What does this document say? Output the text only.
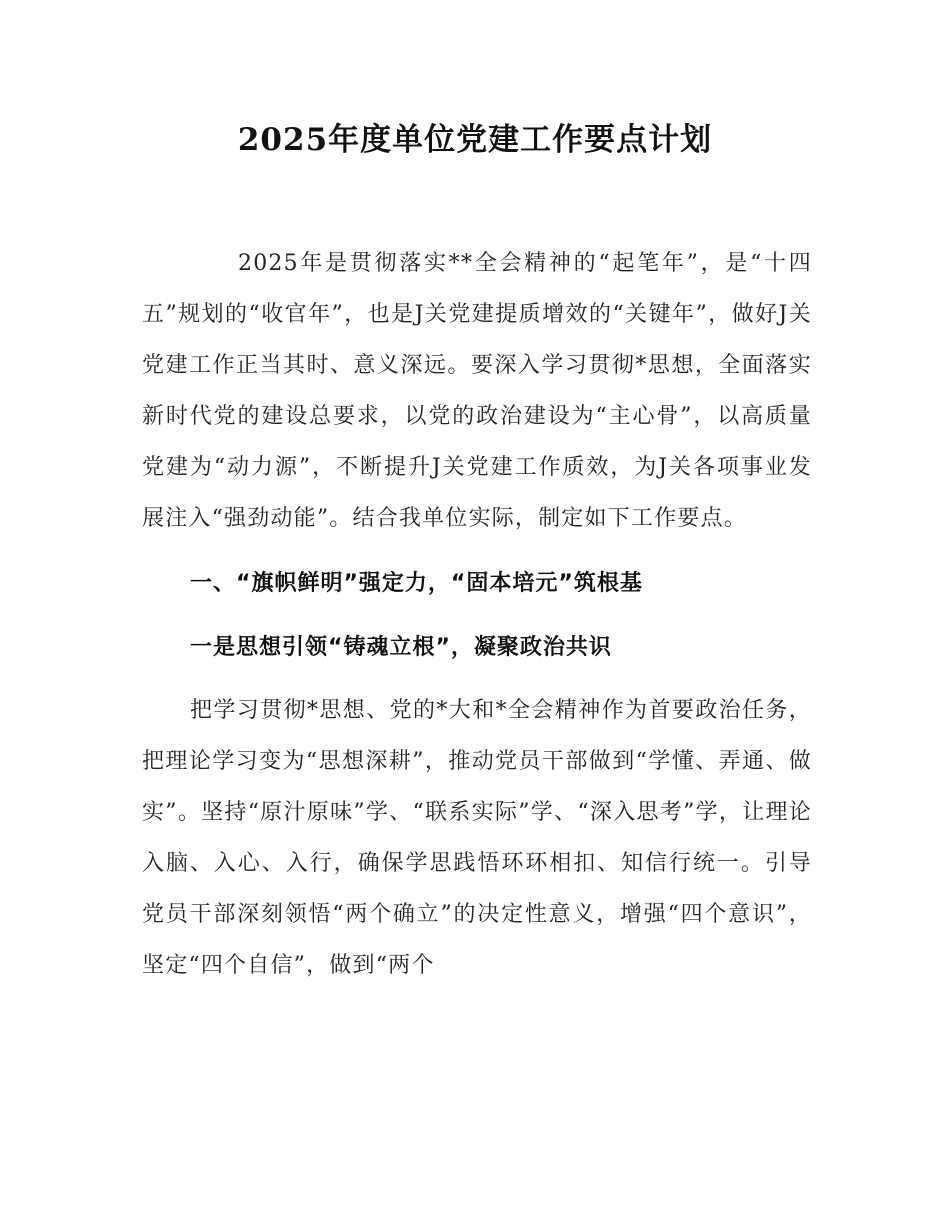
2025年度单位党建工作要点计划

2025年是贯彻落实**全会精神的“起笔年”，是“十四五”规划的“收官年”，也是J关党建提质增效的“关键年”，做好J关党建工作正当其时、意义深远。要深入学习贯彻*思想，全面落实新时代党的建设总要求，以党的政治建设为“主心骨”，以高质量党建为“动力源”，不断提升J关党建工作质效，为J关各项事业发展注入“强劲动能”。结合我单位实际，制定如下工作要点。

一、“旗帜鲜明”强定力，“固本培元”筑根基
一是思想引领“铸魂立根”，凝聚政治共识

把学习贯彻*思想、党的*大和*全会精神作为首要政治任务，把理论学习变为“思想深耕”，推动党员干部做到“学懂、弄通、做实”。坚持“原汁原味”学、“联系实际”学、“深入思考”学，让理论入脑、入心、入行，确保学思践悟环环相扣、知信行统一。引导党员干部深刻领悟“两个确立”的决定性意义，增强“四个意识”，坚定“四个自信”，做到“两个
